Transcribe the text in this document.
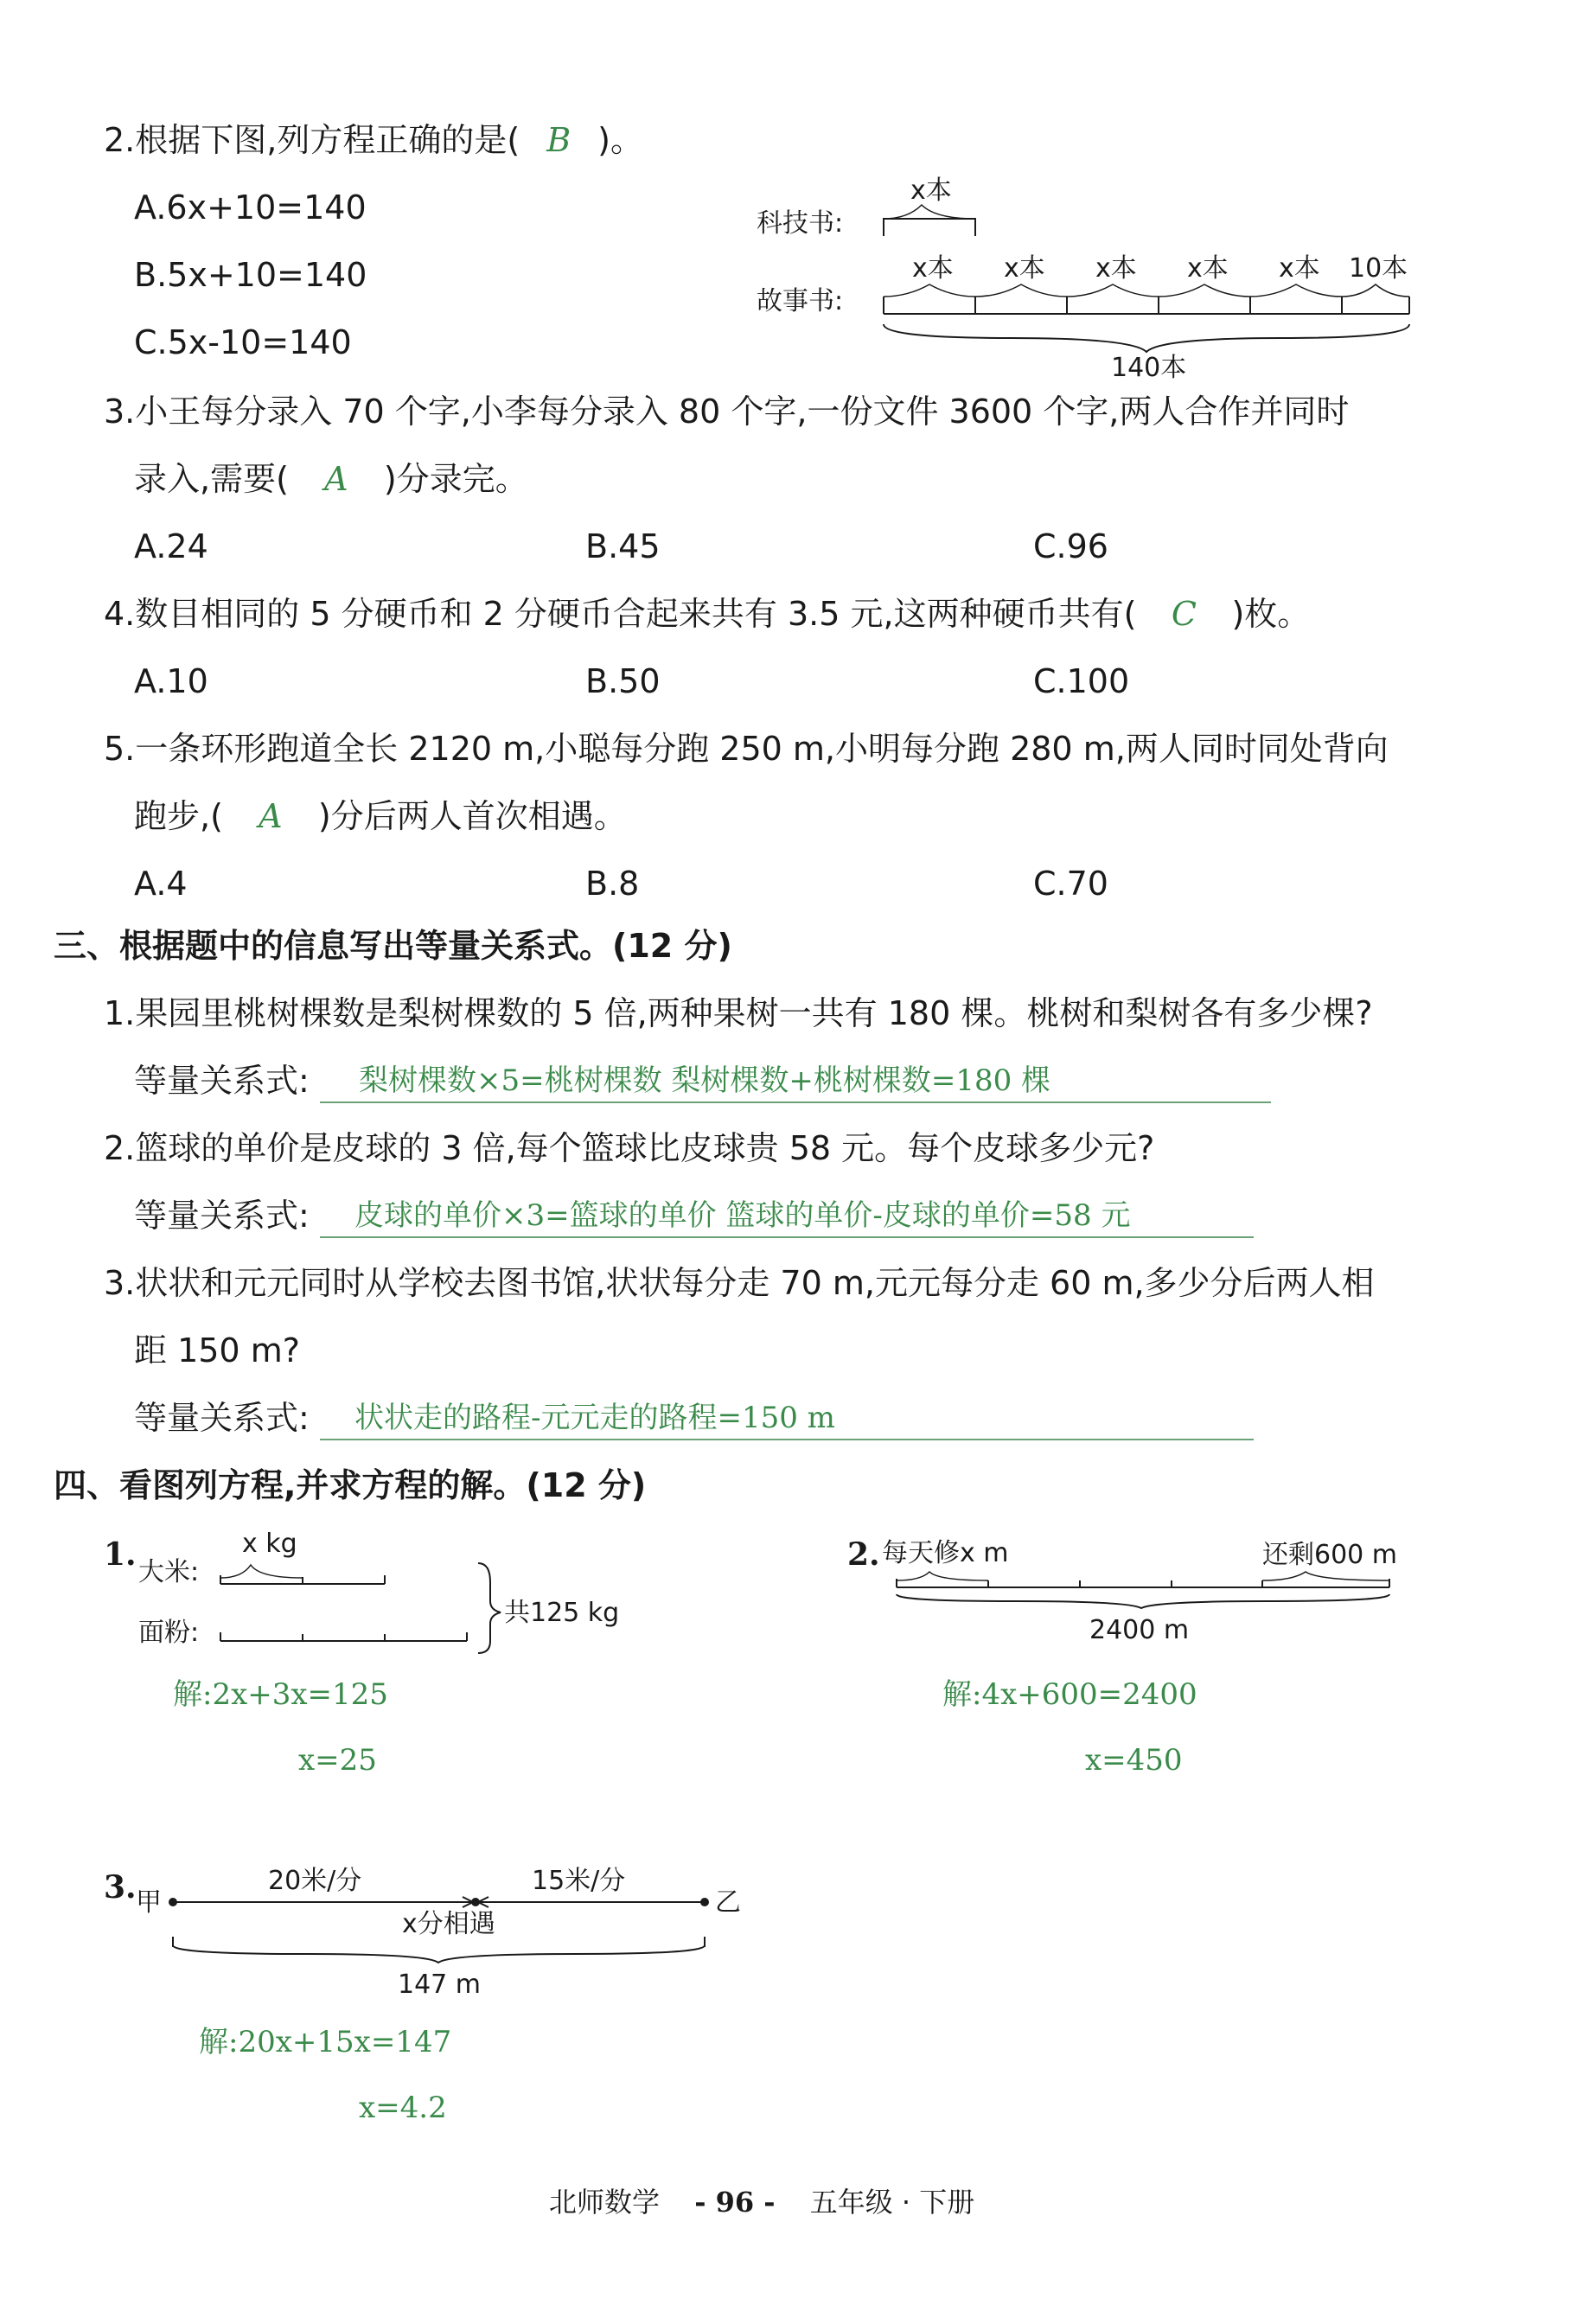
2.根据下图,列方程正确的是( B )。
A.6x+10=140
B.5x+10=140
C.5x-10=140
科技书:
故事书:
x本
x本 x本 x本 x本 x本 10本
140本
3.小王每分录入 70 个字,小李每分录入 80 个字,一份文件 3600 个字,两人合作并同时
录入,需要( A )分录完。
A.24	B.45	C.96
4.数目相同的 5 分硬币和 2 分硬币合起来共有 3.5 元,这两种硬币共有( C )枚。
A.10	B.50	C.100
5.一条环形跑道全长 2120 m,小聪每分跑 250 m,小明每分跑 280 m,两人同时同处背向
跑步,( A )分后两人首次相遇。
A.4	B.8	C.70
三、根据题中的信息写出等量关系式。(12 分)
1.果园里桃树棵数是梨树棵数的 5 倍,两种果树一共有 180 棵。桃树和梨树各有多少棵?
等量关系式: 梨树棵数×5=桃树棵数 梨树棵数+桃树棵数=180 棵
2.篮球的单价是皮球的 3 倍,每个篮球比皮球贵 58 元。每个皮球多少元?
等量关系式: 皮球的单价×3=篮球的单价 篮球的单价-皮球的单价=58 元
3.状状和元元同时从学校去图书馆,状状每分走 70 m,元元每分走 60 m,多少分后两人相
距 150 m?
等量关系式: 状状走的路程-元元走的路程=150 m
四、看图列方程,并求方程的解。(12 分)
1. 大米:
面粉:
x kg
共125 kg
解:2x+3x=125
x=25
2. 每天修x m	还剩600 m
2400 m
解:4x+600=2400
x=450
3. 甲	乙
20米/分	15米/分
x分相遇
147 m
解:20x+15x=147
x=4.2
北师数学 - 96 - 五年级 · 下册
